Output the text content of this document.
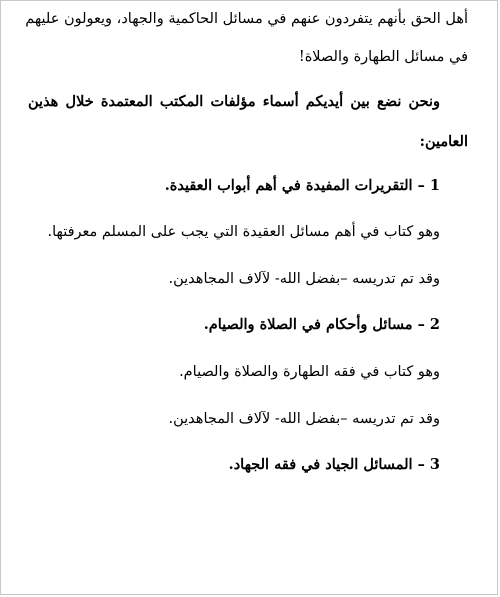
أهل الحق بأنهم يتفردون عنهم في مسائل الحاكمية والجهاد، ويعولون عليهم
في مسائل الطهارة والصلاة!
ونحن نضع بين أيديكم أسماء مؤلفات المكتب المعتمدة خلال هذين
العامين:
1 – التقريرات المفيدة في أهم أبواب العقيدة.
وهو كتاب في أهم مسائل العقيدة التي يجب على المسلم معرفتها.
وقد تم تدريسه –بفضل الله- لآلاف المجاهدين.
2 – مسائل وأحكام في الصلاة والصيام.
وهو كتاب في فقه الطهارة والصلاة والصيام.
وقد تم تدريسه –بفضل الله- لآلاف المجاهدين.
3 – المسائل الجياد في فقه الجهاد.
